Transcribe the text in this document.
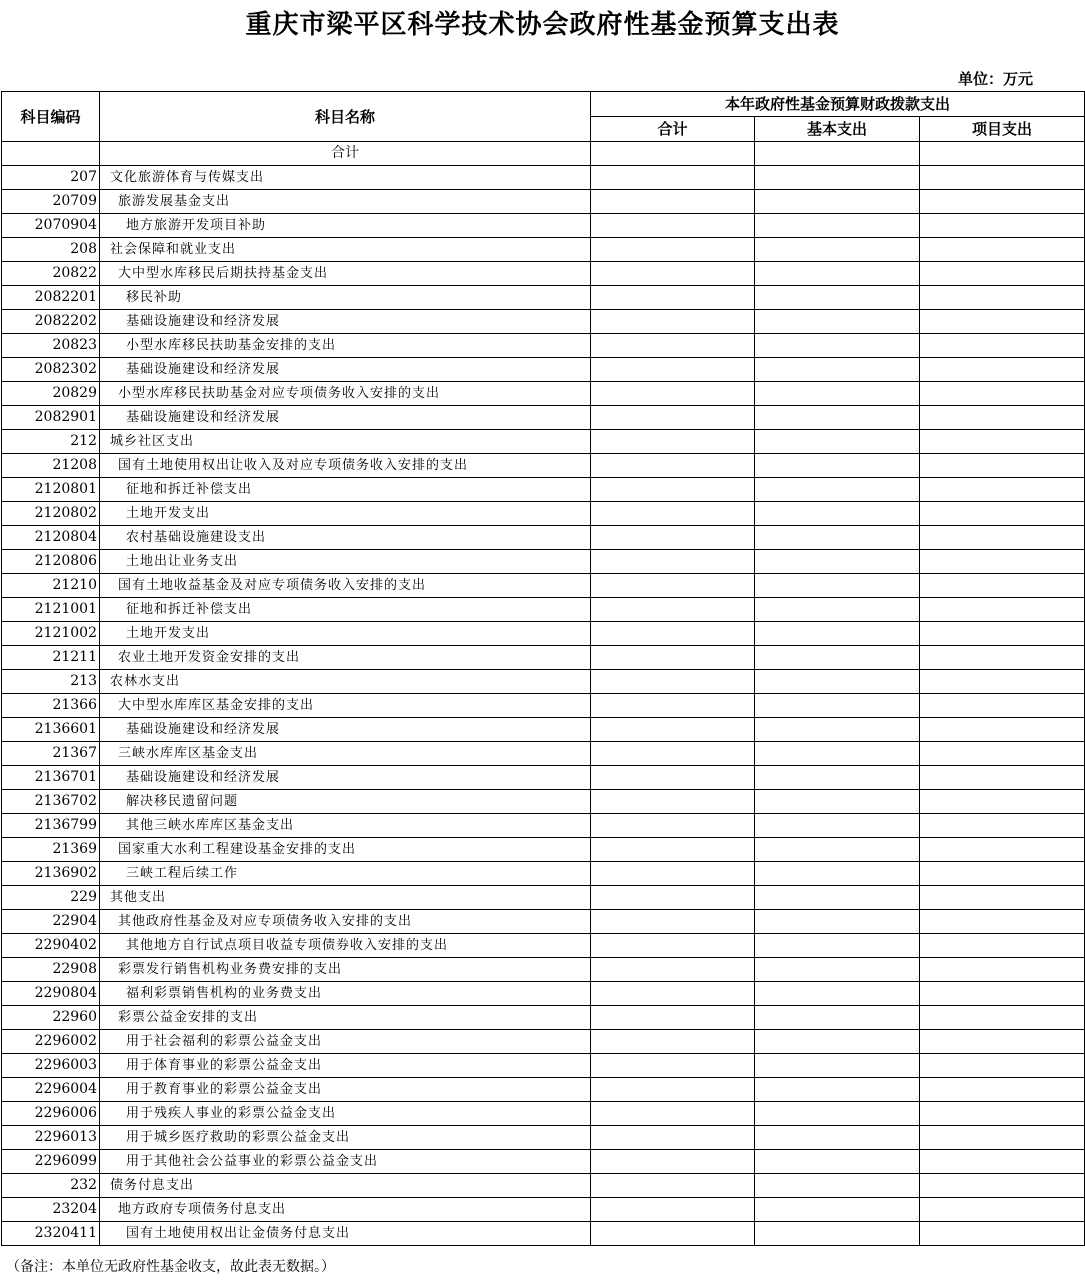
重庆市梁平区科学技术协会政府性基金预算支出表
单位：万元
科目编码	科目名称	本年政府性基金预算财政拨款支出		
		合计	基本支出	项目支出
	合计			
207	文化旅游体育与传媒支出			
20709	旅游发展基金支出			
2070904	地方旅游开发项目补助			
208	社会保障和就业支出			
20822	大中型水库移民后期扶持基金支出			
2082201	移民补助			
2082202	基础设施建设和经济发展			
20823	小型水库移民扶助基金安排的支出			
2082302	基础设施建设和经济发展			
20829	小型水库移民扶助基金对应专项债务收入安排的支出			
2082901	基础设施建设和经济发展			
212	城乡社区支出			
21208	国有土地使用权出让收入及对应专项债务收入安排的支出			
2120801	征地和拆迁补偿支出			
2120802	土地开发支出			
2120804	农村基础设施建设支出			
2120806	土地出让业务支出			
21210	国有土地收益基金及对应专项债务收入安排的支出			
2121001	征地和拆迁补偿支出			
2121002	土地开发支出			
21211	农业土地开发资金安排的支出			
213	农林水支出			
21366	大中型水库库区基金安排的支出			
2136601	基础设施建设和经济发展			
21367	三峡水库库区基金支出			
2136701	基础设施建设和经济发展			
2136702	解决移民遗留问题			
2136799	其他三峡水库库区基金支出			
21369	国家重大水利工程建设基金安排的支出			
2136902	三峡工程后续工作			
229	其他支出			
22904	其他政府性基金及对应专项债务收入安排的支出			
2290402	其他地方自行试点项目收益专项债券收入安排的支出			
22908	彩票发行销售机构业务费安排的支出			
2290804	福利彩票销售机构的业务费支出			
22960	彩票公益金安排的支出			
2296002	用于社会福利的彩票公益金支出			
2296003	用于体育事业的彩票公益金支出			
2296004	用于教育事业的彩票公益金支出			
2296006	用于残疾人事业的彩票公益金支出			
2296013	用于城乡医疗救助的彩票公益金支出			
2296099	用于其他社会公益事业的彩票公益金支出			
232	债务付息支出			
23204	地方政府专项债务付息支出			
2320411	国有土地使用权出让金债务付息支出			
（备注：本单位无政府性基金收支，故此表无数据。）
